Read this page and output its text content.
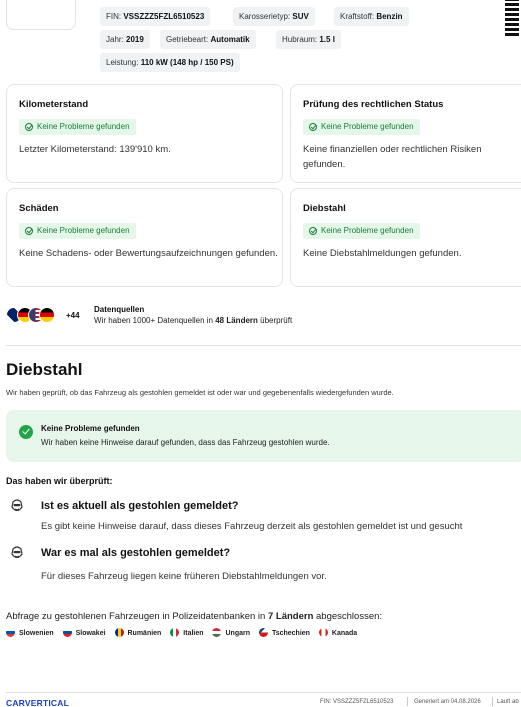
FIN: VSSZZZ5FZL6510523	Karosserietyp: SUV	Kraftstoff: Benzin
Jahr: 2019	Getriebeart: Automatik	Hubraum: 1.5 l
Leistung: 110 kW (148 hp / 150 PS)
Kilometerstand
Keine Probleme gefunden
Letzter Kilometerstand: 139'910 km.
Prüfung des rechtlichen Status
Keine Probleme gefunden
Keine finanziellen oder rechtlichen Risiken gefunden.
Schäden
Keine Probleme gefunden
Keine Schadens- oder Bewertungsaufzeichnungen gefunden.
Diebstahl
Keine Probleme gefunden
Keine Diebstahlmeldungen gefunden.
+44
Datenquellen
Wir haben 1000+ Datenquellen in 48 Ländern überprüft
Diebstahl
Wir haben geprüft, ob das Fahrzeug als gestohlen gemeldet ist oder war und gegebenenfalls wiedergefunden wurde.
Keine Probleme gefunden
Wir haben keine Hinweise darauf gefunden, dass das Fahrzeug gestohlen wurde.
Das haben wir überprüft:
Ist es aktuell als gestohlen gemeldet?
Es gibt keine Hinweise darauf, dass dieses Fahrzeug derzeit als gestohlen gemeldet ist und gesucht
War es mal als gestohlen gemeldet?
Für dieses Fahrzeug liegen keine früheren Diebstahlmeldungen vor.
Abfrage zu gestohlenen Fahrzeugen in Polizeidatenbanken in 7 Ländern abgeschlossen:
Slowenien	Slowakei	Rumänien	Italien	Ungarn	Tschechien	Kanada
CARVERTICAL	FIN: VSSZZZ5FZL6510523	Generiert am 04.08.2026	Läuft ab
